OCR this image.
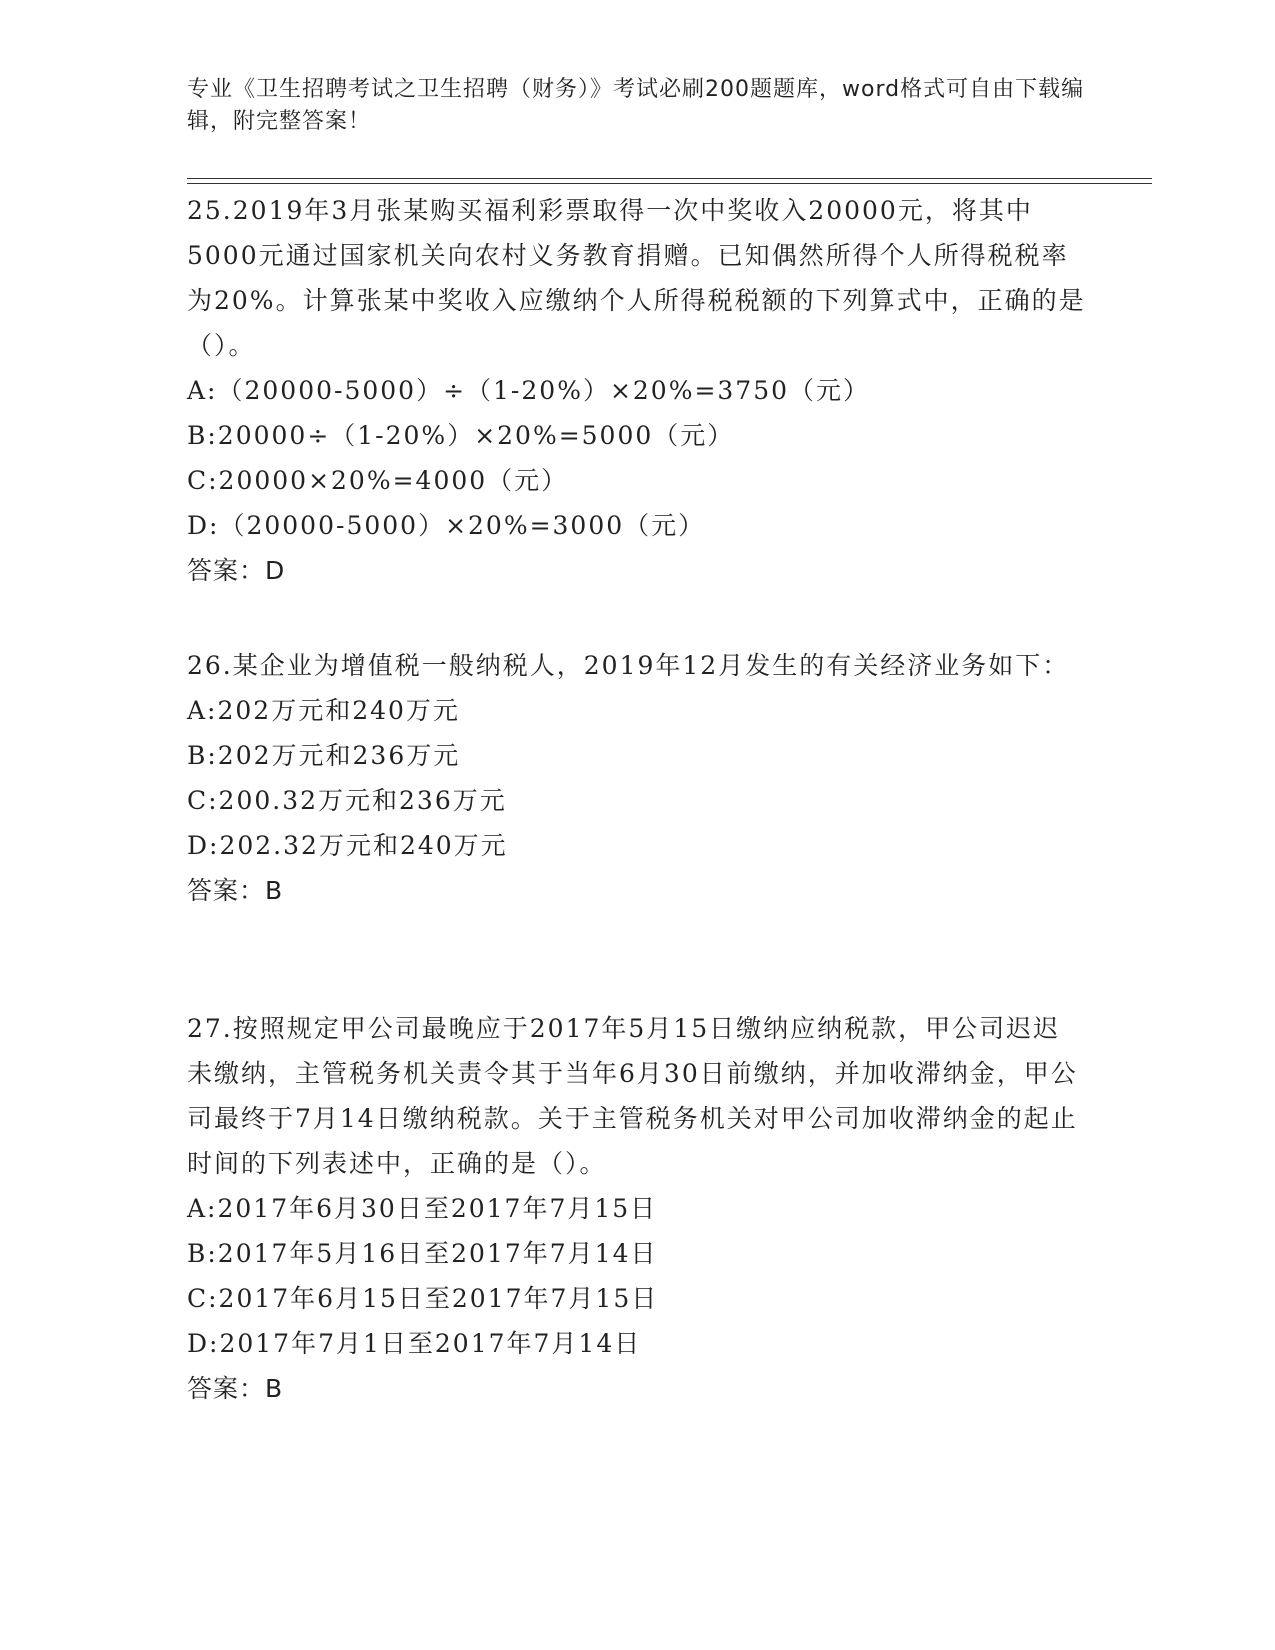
专业《卫生招聘考试之卫生招聘（财务）》考试必刷200题题库，word格式可自由下载编辑，附完整答案！

25.2019年3月张某购买福利彩票取得一次中奖收入20000元，将其中5000元通过国家机关向农村义务教育捐赠。已知偶然所得个人所得税税率为20%。计算张某中奖收入应缴纳个人所得税税额的下列算式中，正确的是（）。

A:（20000-5000）÷（1-20%）×20%=3750（元）

B:20000÷（1-20%）×20%=5000（元）

C:20000×20%=4000（元）

D:（20000-5000）×20%=3000（元）

答案：D

26.某企业为增值税一般纳税人，2019年12月发生的有关经济业务如下：

A:202万元和240万元

B:202万元和236万元

C:200.32万元和236万元

D:202.32万元和240万元

答案：B

27.按照规定甲公司最晚应于2017年5月15日缴纳应纳税款，甲公司迟迟未缴纳，主管税务机关责令其于当年6月30日前缴纳，并加收滞纳金，甲公司最终于7月14日缴纳税款。关于主管税务机关对甲公司加收滞纳金的起止时间的下列表述中，正确的是（）。

A:2017年6月30日至2017年7月15日

B:2017年5月16日至2017年7月14日

C:2017年6月15日至2017年7月15日

D:2017年7月1日至2017年7月14日

答案：B
